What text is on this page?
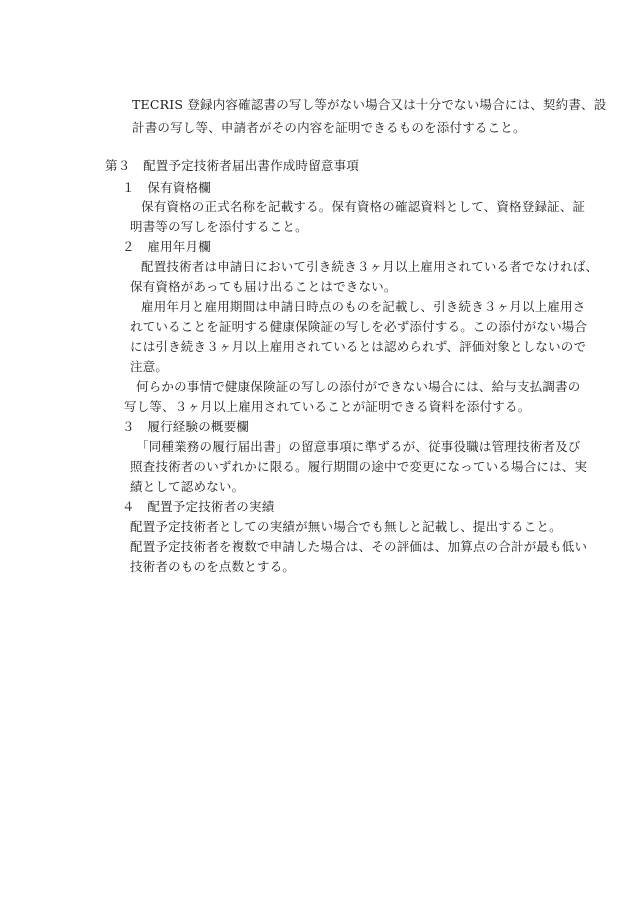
TECRIS 登録内容確認書の写し等がない場合又は十分でない場合には、契約書、設
計書の写し等、申請者がその内容を証明できるものを添付すること。
第３　配置予定技術者届出書作成時留意事項
１　保有資格欄
保有資格の正式名称を記載する。保有資格の確認資料として、資格登録証、証
明書等の写しを添付すること。
２　雇用年月欄
配置技術者は申請日において引き続き３ヶ月以上雇用されている者でなければ、
保有資格があっても届け出ることはできない。
雇用年月と雇用期間は申請日時点のものを記載し、引き続き３ヶ月以上雇用さ
れていることを証明する健康保険証の写しを必ず添付する。この添付がない場合
には引き続き３ヶ月以上雇用されているとは認められず、評価対象としないので
注意。
何らかの事情で健康保険証の写しの添付ができない場合には、給与支払調書の
写し等、３ヶ月以上雇用されていることが証明できる資料を添付する。
３　履行経験の概要欄
「同種業務の履行届出書」の留意事項に準ずるが、従事役職は管理技術者及び
照査技術者のいずれかに限る。履行期間の途中で変更になっている場合には、実
績として認めない。
４　配置予定技術者の実績
配置予定技術者としての実績が無い場合でも無しと記載し、提出すること。
配置予定技術者を複数で申請した場合は、その評価は、加算点の合計が最も低い
技術者のものを点数とする。
